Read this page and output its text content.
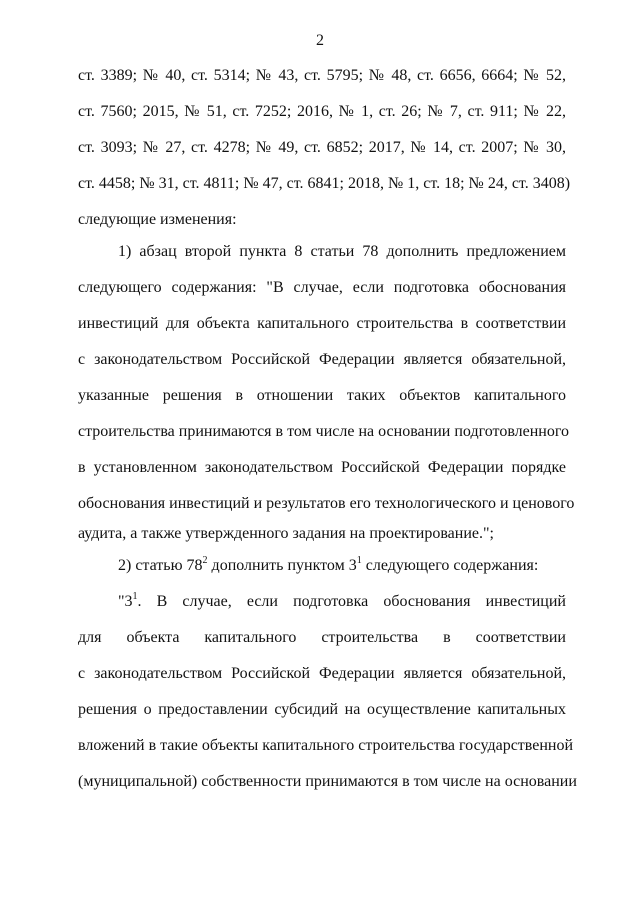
2
ст. 3389; № 40, ст. 5314; № 43, ст. 5795; № 48, ст. 6656, 6664; № 52,
ст. 7560; 2015, № 51, ст. 7252; 2016, № 1, ст. 26; № 7, ст. 911; № 22,
ст. 3093; № 27, ст. 4278; № 49, ст. 6852; 2017, № 14, ст. 2007; № 30,
ст. 4458; № 31, ст. 4811; № 47, ст. 6841; 2018, № 1, ст. 18; № 24, ст. 3408)
следующие изменения:
1) абзац второй пункта 8 статьи 78 дополнить предложением
следующего содержания: "В случае, если подготовка обоснования
инвестиций для объекта капитального строительства в соответствии
с законодательством Российской Федерации является обязательной,
указанные решения в отношении таких объектов капитального
строительства принимаются в том числе на основании подготовленного
в установленном законодательством Российской Федерации порядке
обоснования инвестиций и результатов его технологического и ценового
аудита, а также утвержденного задания на проектирование.";
2) статью $78^2$ дополнить пунктом $3^1$ следующего содержания:
"$3^1$. В случае, если подготовка обоснования инвестиций
для объекта капитального строительства в соответствии
с законодательством Российской Федерации является обязательной,
решения о предоставлении субсидий на осуществление капитальных
вложений в такие объекты капитального строительства государственной
(муниципальной) собственности принимаются в том числе на основании
